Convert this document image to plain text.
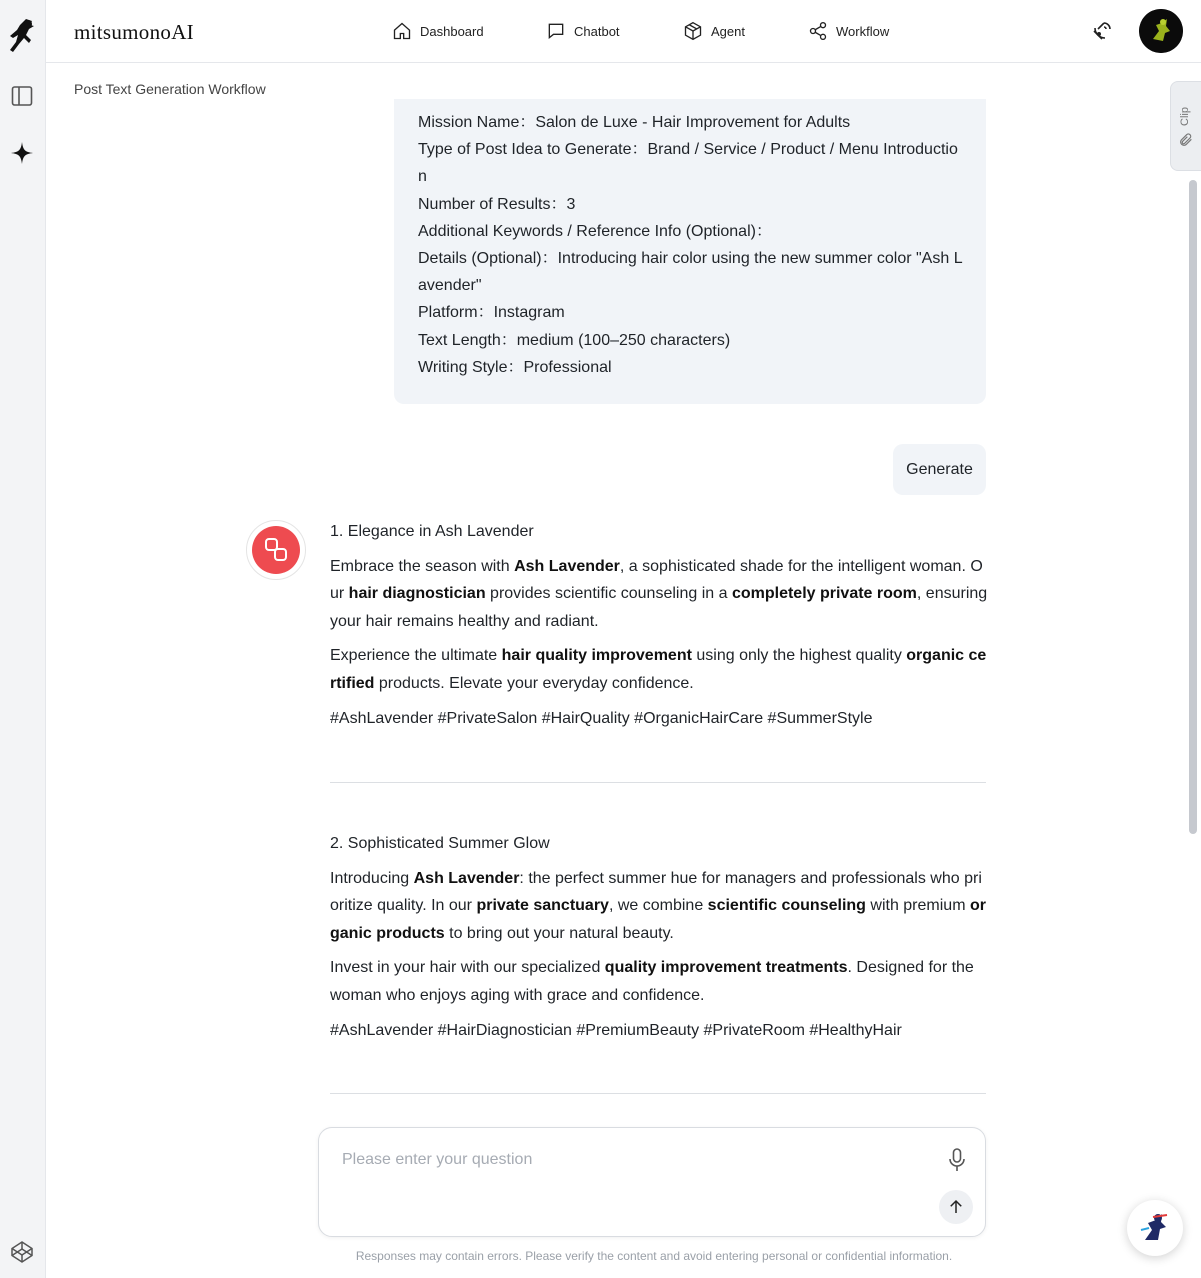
mitsumonoAI	Dashboard	Chatbot	Agent	Workflow
Post Text Generation Workflow
Clip

Mission Name：Salon de Luxe - Hair Improvement for Adults

Type of Post Idea to Generate：Brand / Service / Product / Menu Introduction

Number of Results：3

Additional Keywords / Reference Info (Optional)：

Details (Optional)：Introducing hair color using the new summer color "Ash Lavender"

Platform：Instagram

Text Length：medium (100–250 characters)

Writing Style：Professional

Generate

1. Elegance in Ash Lavender

Embrace the season with Ash Lavender, a sophisticated shade for the intelligent woman. Our hair diagnostician provides scientific counseling in a completely private room, ensuring your hair remains healthy and radiant.

Experience the ultimate hair quality improvement using only the highest quality organic certified products. Elevate your everyday confidence.

#AshLavender #PrivateSalon #HairQuality #OrganicHairCare #SummerStyle

2. Sophisticated Summer Glow

Introducing Ash Lavender: the perfect summer hue for managers and professionals who prioritize quality. In our private sanctuary, we combine scientific counseling with premium organic products to bring out your natural beauty.

Invest in your hair with our specialized quality improvement treatments. Designed for the woman who enjoys aging with grace and confidence.

#AshLavender #HairDiagnostician #PremiumBeauty #PrivateRoom #HealthyHair

Please enter your question
Responses may contain errors. Please verify the content and avoid entering personal or confidential information.
